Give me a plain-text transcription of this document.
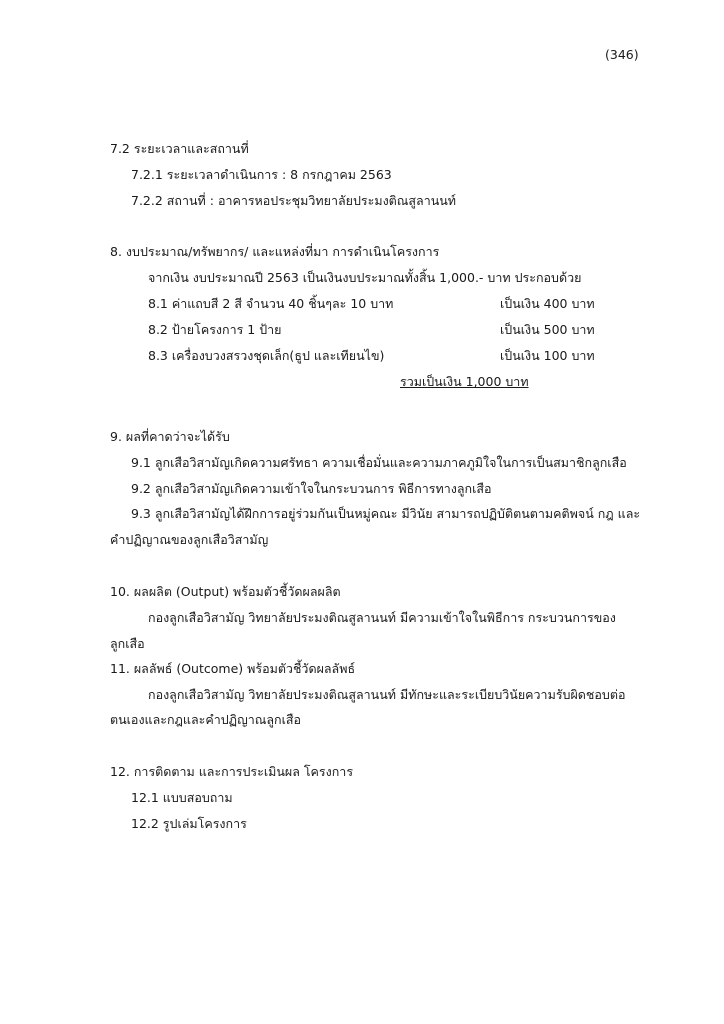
(346)
7.2 ระยะเวลาและสถานที่
7.2.1 ระยะเวลาดำเนินการ : 8 กรกฎาคม 2563
7.2.2 สถานที่ : อาคารหอประชุมวิทยาลัยประมงติณสูลานนท์
8. งบประมาณ/ทรัพยากร/ และแหล่งที่มา การดำเนินโครงการ
จากเงิน งบประมาณปี 2563 เป็นเงินงบประมาณทั้งสิ้น 1,000.- บาท ประกอบด้วย
8.1 ค่าแถบสี 2 สี จำนวน 40 ชิ้นๆละ 10 บาท	เป็นเงิน 400 บาท
8.2 ป้ายโครงการ 1 ป้าย	เป็นเงิน 500 บาท
8.3 เครื่องบวงสรวงชุดเล็ก(ธูป และเทียนไข)	เป็นเงิน 100 บาท
รวมเป็นเงิน 1,000 บาท
9. ผลที่คาดว่าจะได้รับ
9.1 ลูกเสือวิสามัญเกิดความศรัทธา ความเชื่อมั่นและความภาคภูมิใจในการเป็นสมาชิกลูกเสือ
9.2 ลูกเสือวิสามัญเกิดความเข้าใจในกระบวนการ พิธีการทางลูกเสือ
9.3 ลูกเสือวิสามัญได้ฝึกการอยู่ร่วมกันเป็นหมู่คณะ มีวินัย สามารถปฏิบัติตนตามคติพจน์ กฎ และ
คำปฏิญาณของลูกเสือวิสามัญ
10. ผลผลิต (Output) พร้อมตัวชี้วัดผลผลิต
กองลูกเสือวิสามัญ วิทยาลัยประมงติณสูลานนท์ มีความเข้าใจในพิธีการ กระบวนการของ
ลูกเสือ
11. ผลลัพธ์ (Outcome) พร้อมตัวชี้วัดผลลัพธ์
กองลูกเสือวิสามัญ วิทยาลัยประมงติณสูลานนท์ มีทักษะและระเบียบวินัยความรับผิดชอบต่อ
ตนเองและกฎและคำปฏิญาณลูกเสือ
12. การติดตาม และการประเมินผล โครงการ
12.1 แบบสอบถาม
12.2 รูปเล่มโครงการ
